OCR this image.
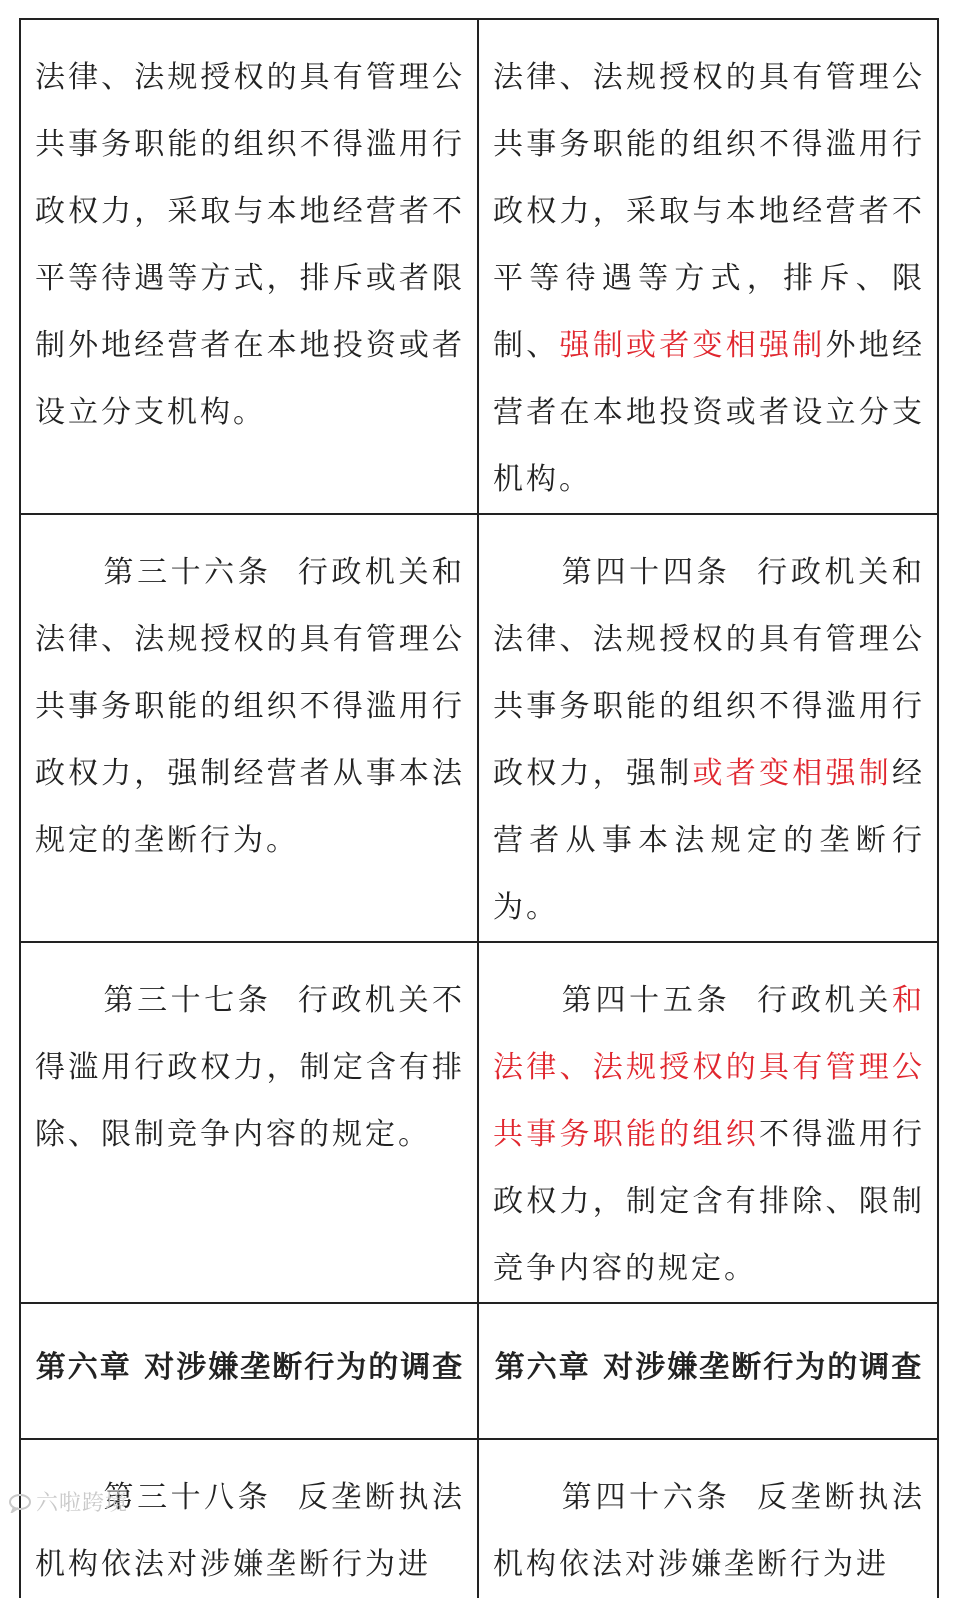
法律、法规授权的具有管理公共事务职能的组织不得滥用行政权力，采取与本地经营者不平等待遇等方式，排斥或者限制外地经营者在本地投资或者设立分支机构。	法律、法规授权的具有管理公共事务职能的组织不得滥用行政权力，采取与本地经营者不平等待遇等方式，排斥、限制、强制或者变相强制外地经营者在本地投资或者设立分支机构。
第三十六条 行政机关和法律、法规授权的具有管理公共事务职能的组织不得滥用行政权力，强制经营者从事本法规定的垄断行为。	第四十四条 行政机关和法律、法规授权的具有管理公共事务职能的组织不得滥用行政权力，强制或者变相强制经营者从事本法规定的垄断行为。
第三十七条 行政机关不得滥用行政权力，制定含有排除、限制竞争内容的规定。	第四十五条 行政机关和法律、法规授权的具有管理公共事务职能的组织不得滥用行政权力，制定含有排除、限制竞争内容的规定。
第六章 对涉嫌垄断行为的调查	第六章 对涉嫌垄断行为的调查
第三十八条 反垄断执法机构依法对涉嫌垄断行为进	第四十六条 反垄断执法机构依法对涉嫌垄断行为进
六啦跨境
